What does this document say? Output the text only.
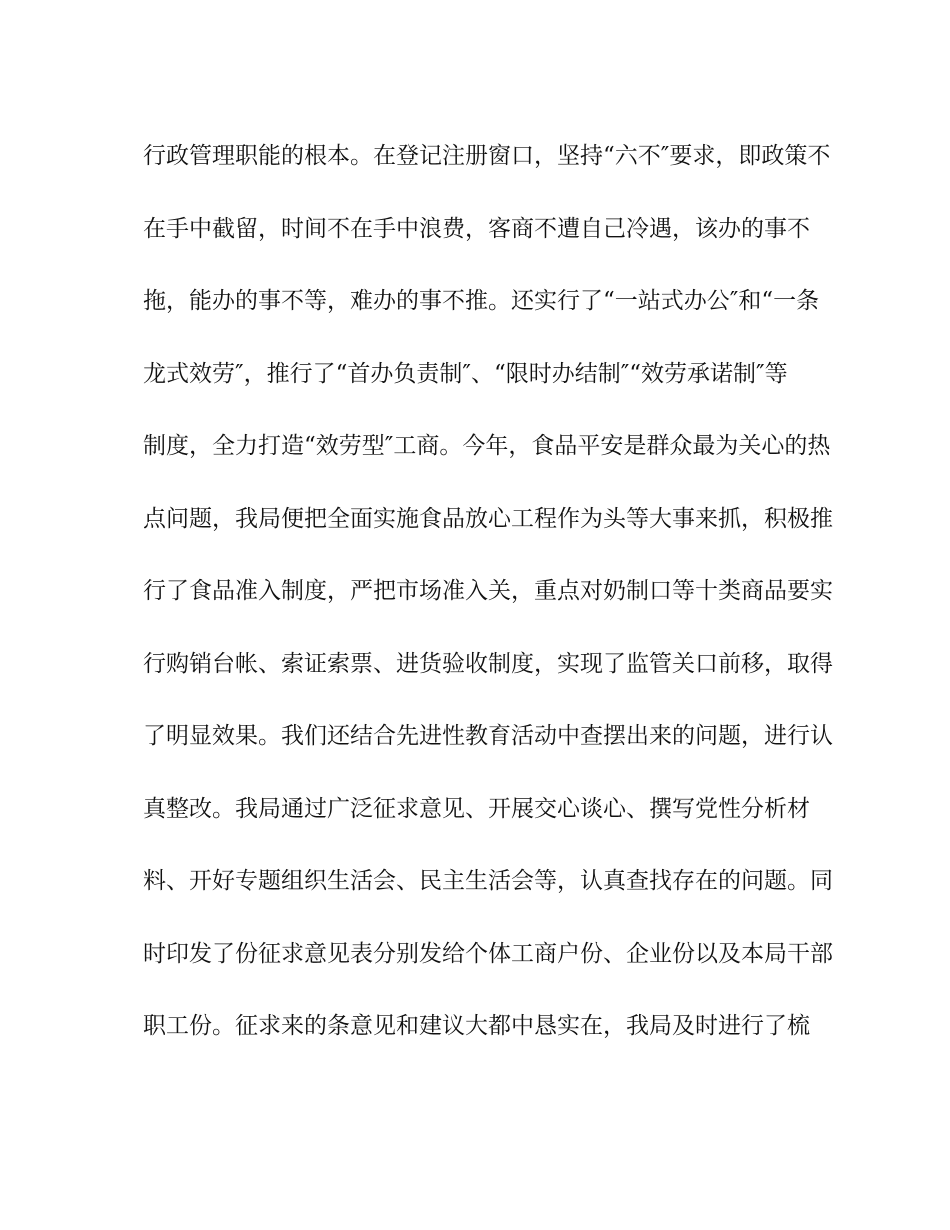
行政管理职能的根本。在登记注册窗口，坚持“六不″要求，即政策不
在手中截留，时间不在手中浪费，客商不遭自己冷遇，该办的事不
拖，能办的事不等，难办的事不推。还实行了“一站式办公″和“一条
龙式效劳″，推行了“首办负责制″、“限时办结制″“效劳承诺制″等
制度，全力打造“效劳型″工商。今年，食品平安是群众最为关心的热
点问题，我局便把全面实施食品放心工程作为头等大事来抓，积极推
行了食品准入制度，严把市场准入关，重点对奶制口等十类商品要实
行购销台帐、索证索票、进货验收制度，实现了监管关口前移，取得
了明显效果。我们还结合先进性教育活动中查摆出来的问题，进行认
真整改。我局通过广泛征求意见、开展交心谈心、撰写党性分析材
料、开好专题组织生活会、民主生活会等，认真查找存在的问题。同
时印发了份征求意见表分别发给个体工商户份、企业份以及本局干部
职工份。征求来的条意见和建议大都中恳实在，我局及时进行了梳
